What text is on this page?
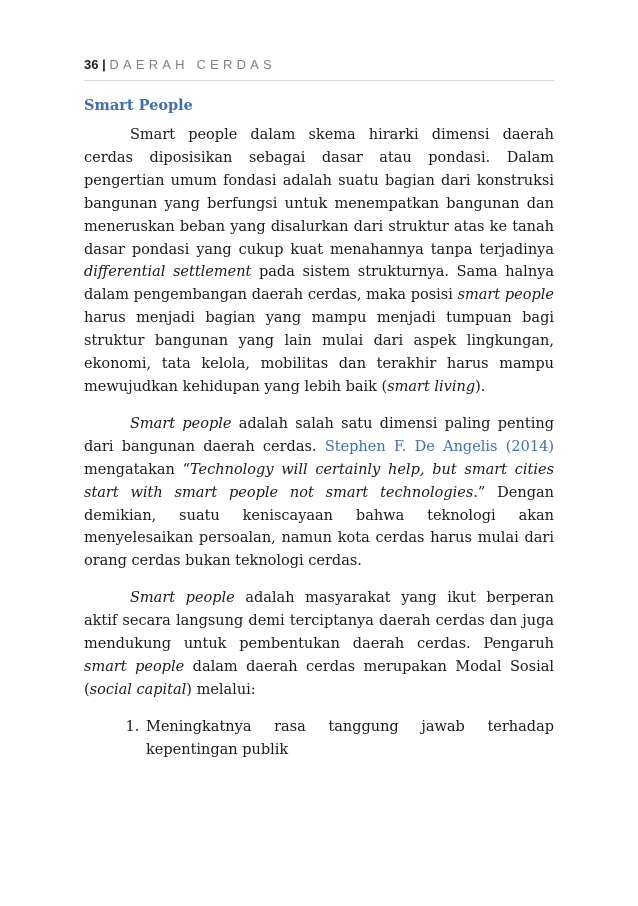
36 | DAERAH CERDAS
Smart People

Smart people dalam skema hirarki dimensi daerah cerdas diposisikan sebagai dasar atau pondasi. Dalam pengertian umum fondasi adalah suatu bagian dari konstruksi bangunan yang berfungsi untuk menempatkan bangunan dan meneruskan beban yang disalurkan dari struktur atas ke tanah dasar pondasi yang cukup kuat menahannya tanpa terjadinya differential settlement pada sistem strukturnya. Sama halnya dalam pengembangan daerah cerdas, maka posisi smart people harus menjadi bagian yang mampu menjadi tumpuan bagi struktur bangunan yang lain mulai dari aspek lingkungan, ekonomi, tata kelola, mobilitas dan terakhir harus mampu mewujudkan kehidupan yang lebih baik (smart living).

Smart people adalah salah satu dimensi paling penting dari bangunan daerah cerdas. Stephen F. De Angelis (2014) mengatakan “Technology will certainly help, but smart cities start with smart people not smart technologies.” Dengan demikian, suatu keniscayaan bahwa teknologi akan menyelesaikan persoalan, namun kota cerdas harus mulai dari orang cerdas bukan teknologi cerdas.

Smart people adalah masyarakat yang ikut berperan aktif secara langsung demi terciptanya daerah cerdas dan juga mendukung untuk pembentukan daerah cerdas. Pengaruh smart people dalam daerah cerdas merupakan Modal Sosial (social capital) melalui:

1. Meningkatnya rasa tanggung jawab terhadap kepentingan publik
